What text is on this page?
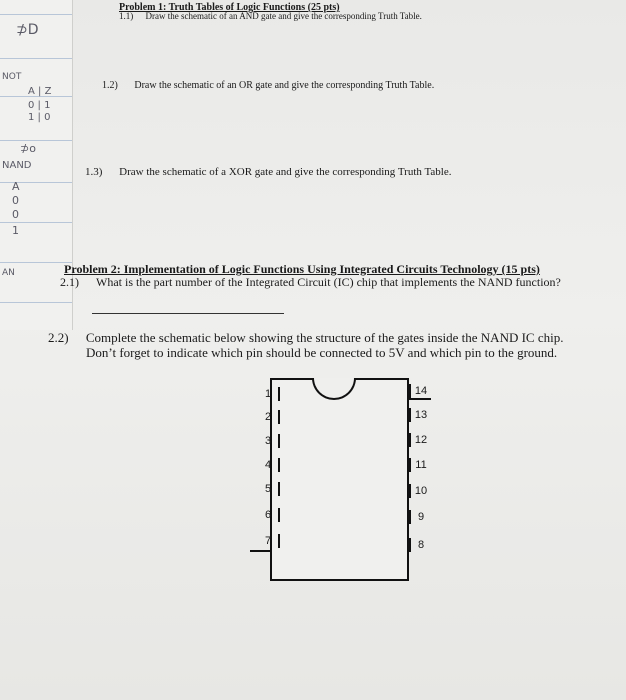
⊅D
NOT
A | Z
0 | 1
1 | 0
⊅o
NAND
A
0
0
1
AN
Problem 1: Truth Tables of Logic Functions (25 pts)
1.1) Draw the schematic of an AND gate and give the corresponding Truth Table.
1.2) Draw the schematic of an OR gate and give the corresponding Truth Table.
1.3) Draw the schematic of a XOR gate and give the corresponding Truth Table.
Problem 2: Implementation of Logic Functions Using Integrated Circuits Technology (15 pts)
2.1) What is the part number of the Integrated Circuit (IC) chip that implements the NAND function?
2.2) Complete the schematic below showing the structure of the gates inside the NAND IC chip.
Don’t forget to indicate which pin should be connected to 5V and which pin to the ground.
1
2
3
4
5
6
7
14
13
12
11
10
9
8
